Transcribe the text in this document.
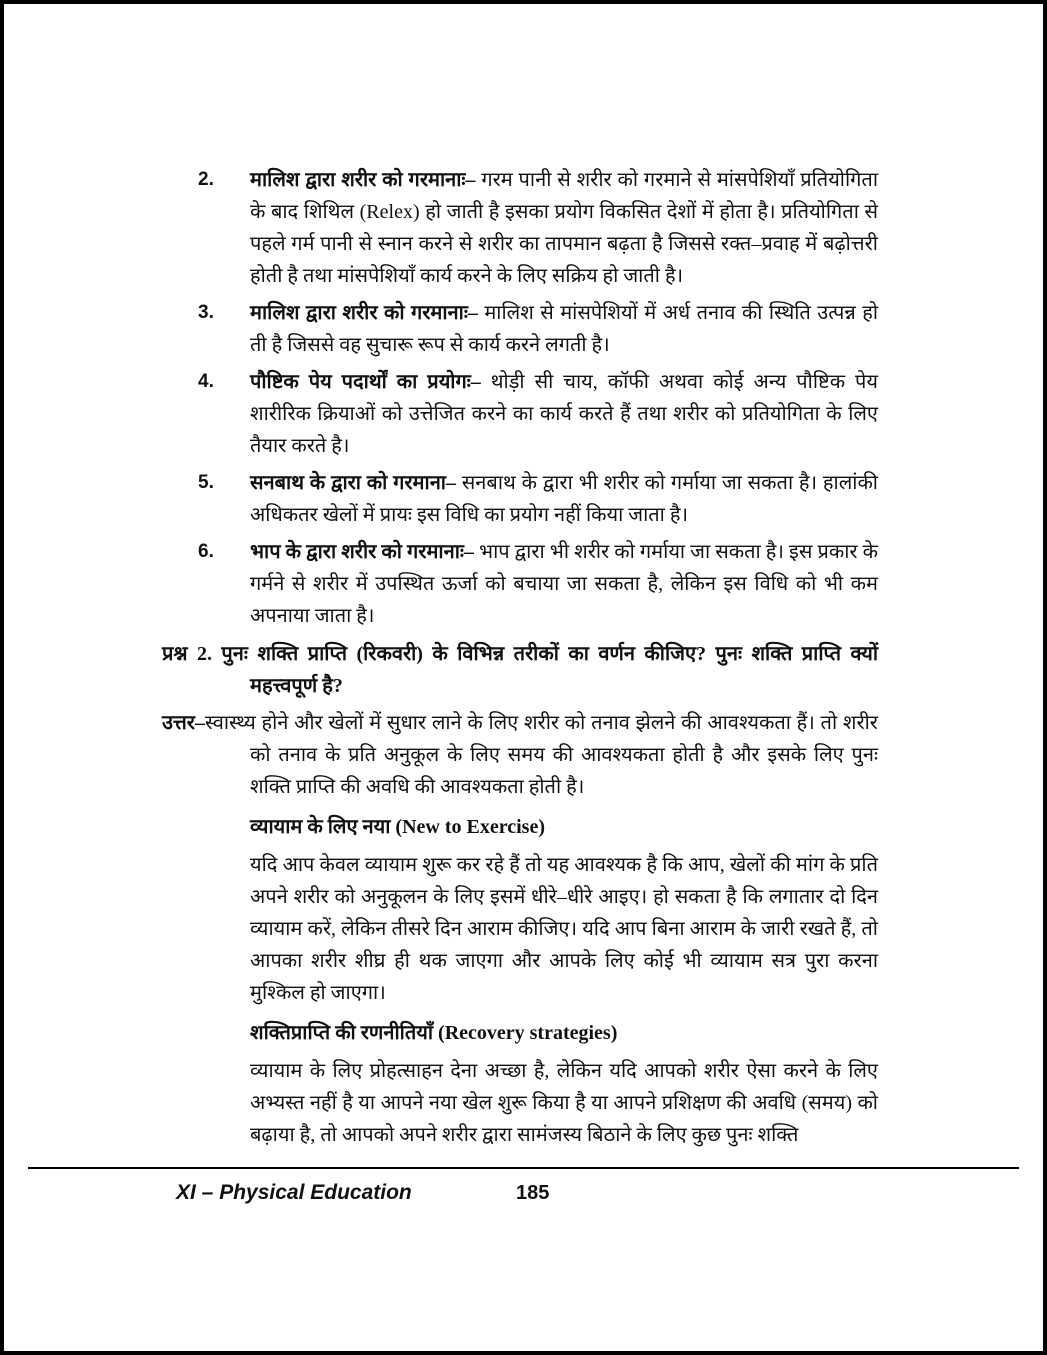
2. मालिश द्वारा शरीर को गरमानाः– गरम पानी से शरीर को गरमाने से मांसपेशियाँ प्रतियोगिता के बाद शिथिल (Relex) हो जाती है इसका प्रयोग विकसित देशों में होता है। प्रतियोगिता से पहले गर्म पानी से स्नान करने से शरीर का तापमान बढ़ता है जिससे रक्त–प्रवाह में बढ़ोत्तरी होती है तथा मांसपेशियाँ कार्य करने के लिए सक्रिय हो जाती है।
3. मालिश द्वारा शरीर को गरमानाः– मालिश से मांसपेशियों में अर्ध तनाव की स्थिति उत्पन्न हो ती है जिससे वह सुचारू रूप से कार्य करने लगती है।
4. पौष्टिक पेय पदार्थों का प्रयोगः– थोड़ी सी चाय, कॉफी अथवा कोई अन्य पौष्टिक पेय शारीरिक क्रियाओं को उत्तेजित करने का कार्य करते हैं तथा शरीर को प्रतियोगिता के लिए तैयार करते है।
5. सनबाथ के द्वारा को गरमाना– सनबाथ के द्वारा भी शरीर को गर्माया जा सकता है। हालांकी अधिकतर खेलों में प्रायः इस विधि का प्रयोग नहीं किया जाता है।
6. भाप के द्वारा शरीर को गरमानाः– भाप द्वारा भी शरीर को गर्माया जा सकता है। इस प्रकार के गर्मने से शरीर में उपस्थित ऊर्जा को बचाया जा सकता है, लेकिन इस विधि को भी कम अपनाया जाता है।
प्रश्न 2. पुनः शक्ति प्राप्ति (रिकवरी) के विभिन्न तरीकों का वर्णन कीजिए? पुनः शक्ति प्राप्ति क्यों महत्त्वपूर्ण है?
उत्तर–स्वास्थ्य होने और खेलों में सुधार लाने के लिए शरीर को तनाव झेलने की आवश्यकता हैं। तो शरीर को तनाव के प्रति अनुकूल के लिए समय की आवश्यकता होती है और इसके लिए पुनः शक्ति प्राप्ति की अवधि की आवश्यकता होती है।
व्यायाम के लिए नया (New to Exercise)
यदि आप केवल व्यायाम शुरू कर रहे हैं तो यह आवश्यक है कि आप, खेलों की मांग के प्रति अपने शरीर को अनुकूलन के लिए इसमें धीरे–धीरे आइए। हो सकता है कि लगातार दो दिन व्यायाम करें, लेकिन तीसरे दिन आराम कीजिए। यदि आप बिना आराम के जारी रखते हैं, तो आपका शरीर शीघ्र ही थक जाएगा और आपके लिए कोई भी व्यायाम सत्र पुरा करना मुश्किल हो जाएगा।
शक्तिप्राप्ति की रणनीतियाँ (Recovery strategies)
व्यायाम के लिए प्रोहत्साहन देना अच्छा है, लेकिन यदि आपको शरीर ऐसा करने के लिए अभ्यस्त नहीं है या आपने नया खेल शुरू किया है या आपने प्रशिक्षण की अवधि (समय) को बढ़ाया है, तो आपको अपने शरीर द्वारा सामंजस्य बिठाने के लिए कुछ पुनः शक्ति
XI – Physical Education	185
